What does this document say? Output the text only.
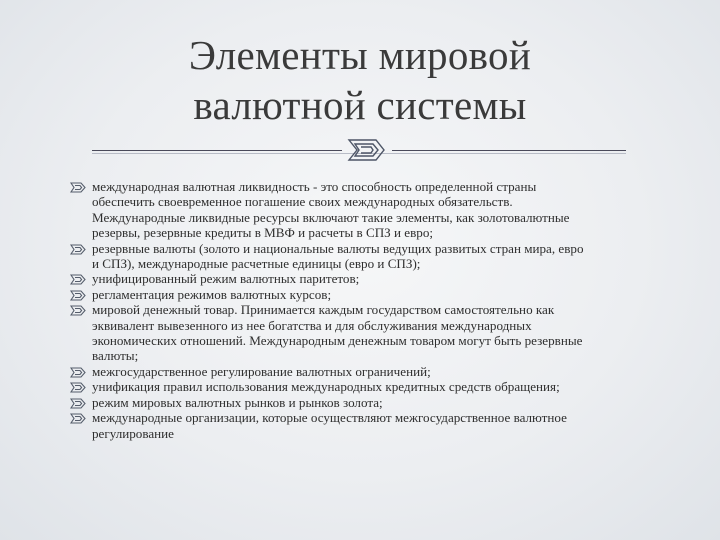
Элементы мировой
валютной системы
международная валютная ликвидность - это способность определенной страны
обеспечить своевременное погашение своих международных обязательств.
Международные ликвидные ресурсы включают такие элементы, как золотовалютные
резервы, резервные кредиты в МВФ и расчеты в СПЗ и евро;
резервные валюты (золото и национальные валюты ведущих развитых стран мира, евро
и СПЗ), международные расчетные единицы (евро и СПЗ);
унифицированный режим валютных паритетов;
регламентация режимов валютных курсов;
мировой денежный товар. Принимается каждым государством самостоятельно как
эквивалент вывезенного из нее богатства и для обслуживания международных
экономических отношений. Международным денежным товаром могут быть резервные
валюты;
межгосударственное регулирование валютных ограничений;
унификация правил использования международных кредитных средств обращения;
режим мировых валютных рынков и рынков золота;
международные организации, которые осуществляют межгосударственное валютное
регулирование
